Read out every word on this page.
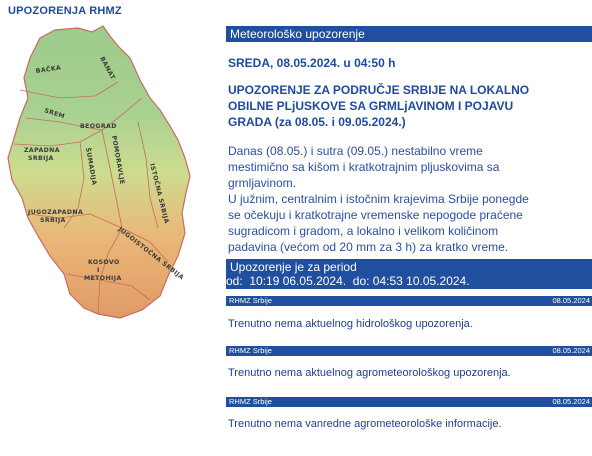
UPOZORENJA RHMZ
BAČKA	BANAT
SREM
BEOGRAD
ZAPADNA
SRBIJA	POMORAVLJE
ŠUMADIJA	ISTOČNA SRBIJA
JUGOZAPADNA
SRBIJA
JUGOISTOČNA SRBIJA
KOSOVO
I
METOHIJA
Meteorološko upozorenje
SREDA, 08.05.2024. u 04:50 h
UPOZORENJE ZA PODRUČJE SRBIJE NA LOKALNO
OBILNE PLjUSKOVE SA GRMLjAVINOM I POJAVU
GRADA (za 08.05. i 09.05.2024.)
Danas (08.05.) i sutra (09.05.) nestabilno vreme
mestimično sa kišom i kratkotrajnim pljuskovima sa
grmljavinom.
U južnim, centralnim i istočnim krajevima Srbije ponegde
se očekuju i kratkotrajne vremenske nepogode praćene
sugradicom i gradom, a lokalno i velikom količinom
padavina (većom od 20 mm za 3 h) za kratko vreme.
Upozorenje je za period
od:  10:19 06.05.2024.  do: 04:53 10.05.2024.
RHMZ Srbije	08.05.2024
Trenutno nema aktuelnog hidrološkog upozorenja.
RHMZ Srbije	08.05.2024
Trenutno nema aktuelnog agrometeorološkog upozorenja.
RHMZ Srbije	08.05.2024
Trenutno nema vanredne agrometeorološke informacije.
